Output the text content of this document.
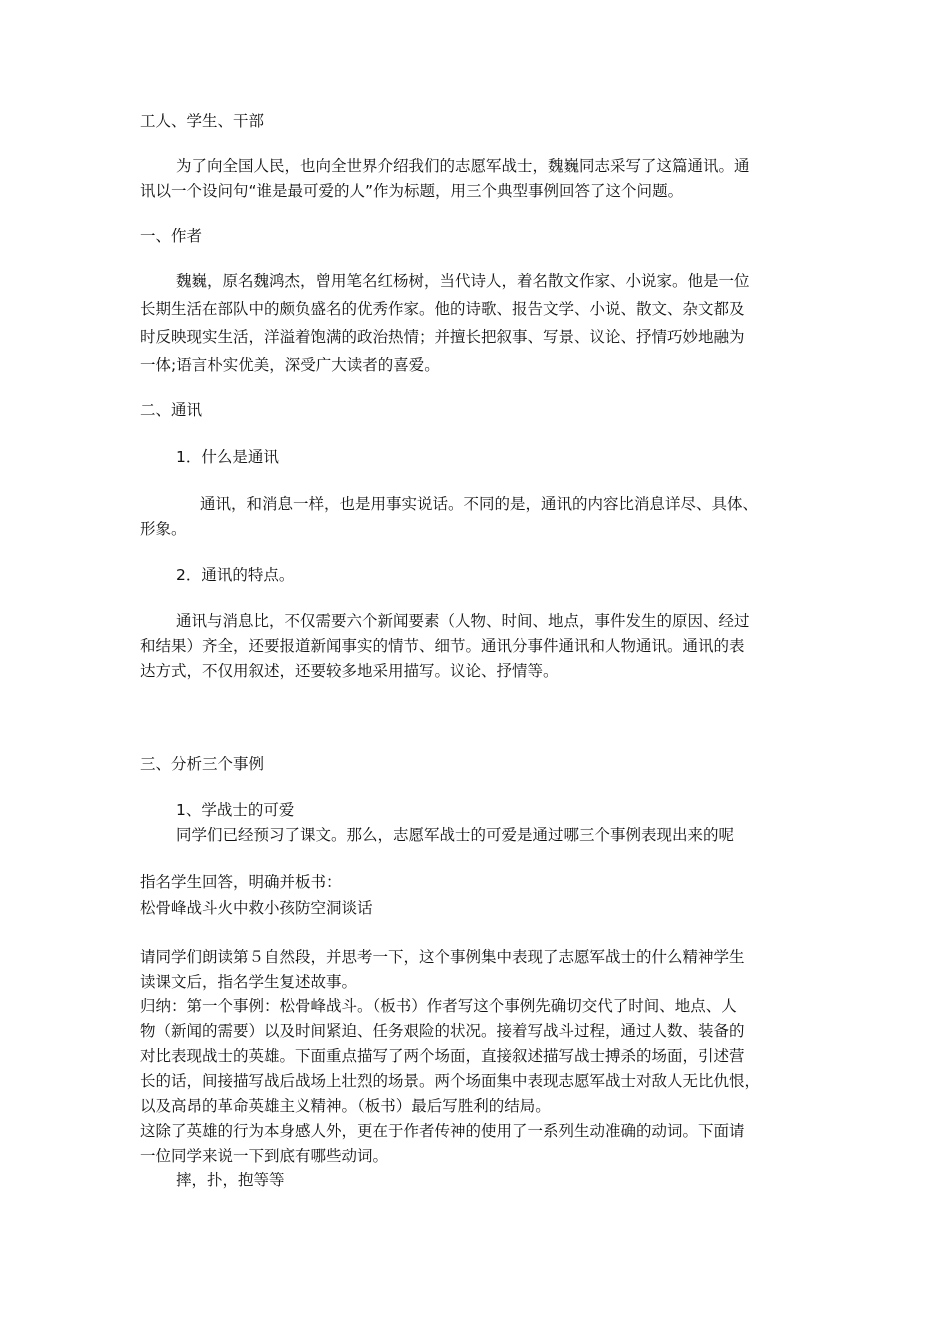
工人、学生、干部

为了向全国人民，也向全世界介绍我们的志愿军战士，魏巍同志采写了这篇通讯。通

讯以一个设问句“谁是最可爱的人”作为标题，用三个典型事例回答了这个问题。

一、作者

魏巍，原名魏鸿杰，曾用笔名红杨树，当代诗人，着名散文作家、小说家。他是一位

长期生活在部队中的颇负盛名的优秀作家。他的诗歌、报告文学、小说、散文、杂文都及

时反映现实生活，洋溢着饱满的政治热情；并擅长把叙事、写景、议论、抒情巧妙地融为

一体;语言朴实优美，深受广大读者的喜爱。

二、通讯

1．什么是通讯

通讯，和消息一样，也是用事实说话。不同的是，通讯的内容比消息详尽、具体、

形象。

2．通讯的特点。

通讯与消息比，不仅需要六个新闻要素（人物、时间、地点，事件发生的原因、经过

和结果）齐全，还要报道新闻事实的情节、细节。通讯分事件通讯和人物通讯。通讯的表

达方式，不仅用叙述，还要较多地采用描写。议论、抒情等。

三、分析三个事例

1、学战士的可爱

同学们已经预习了课文。那么，志愿军战士的可爱是通过哪三个事例表现出来的呢

指名学生回答，明确并板书：

松骨峰战斗火中救小孩防空洞谈话

请同学们朗读第５自然段，并思考一下，这个事例集中表现了志愿军战士的什么精神学生

读课文后，指名学生复述故事。

归纳：第一个事例：松骨峰战斗。（板书）作者写这个事例先确切交代了时间、地点、人

物（新闻的需要）以及时间紧迫、任务艰险的状况。接着写战斗过程，通过人数、装备的

对比表现战士的英雄。下面重点描写了两个场面，直接叙述描写战士搏杀的场面，引述营

长的话，间接描写战后战场上壮烈的场景。两个场面集中表现志愿军战士对敌人无比仇恨，

以及高昂的革命英雄主义精神。（板书）最后写胜利的结局。

这除了英雄的行为本身感人外，更在于作者传神的使用了一系列生动准确的动词。下面请

一位同学来说一下到底有哪些动词。

摔，扑，抱等等
